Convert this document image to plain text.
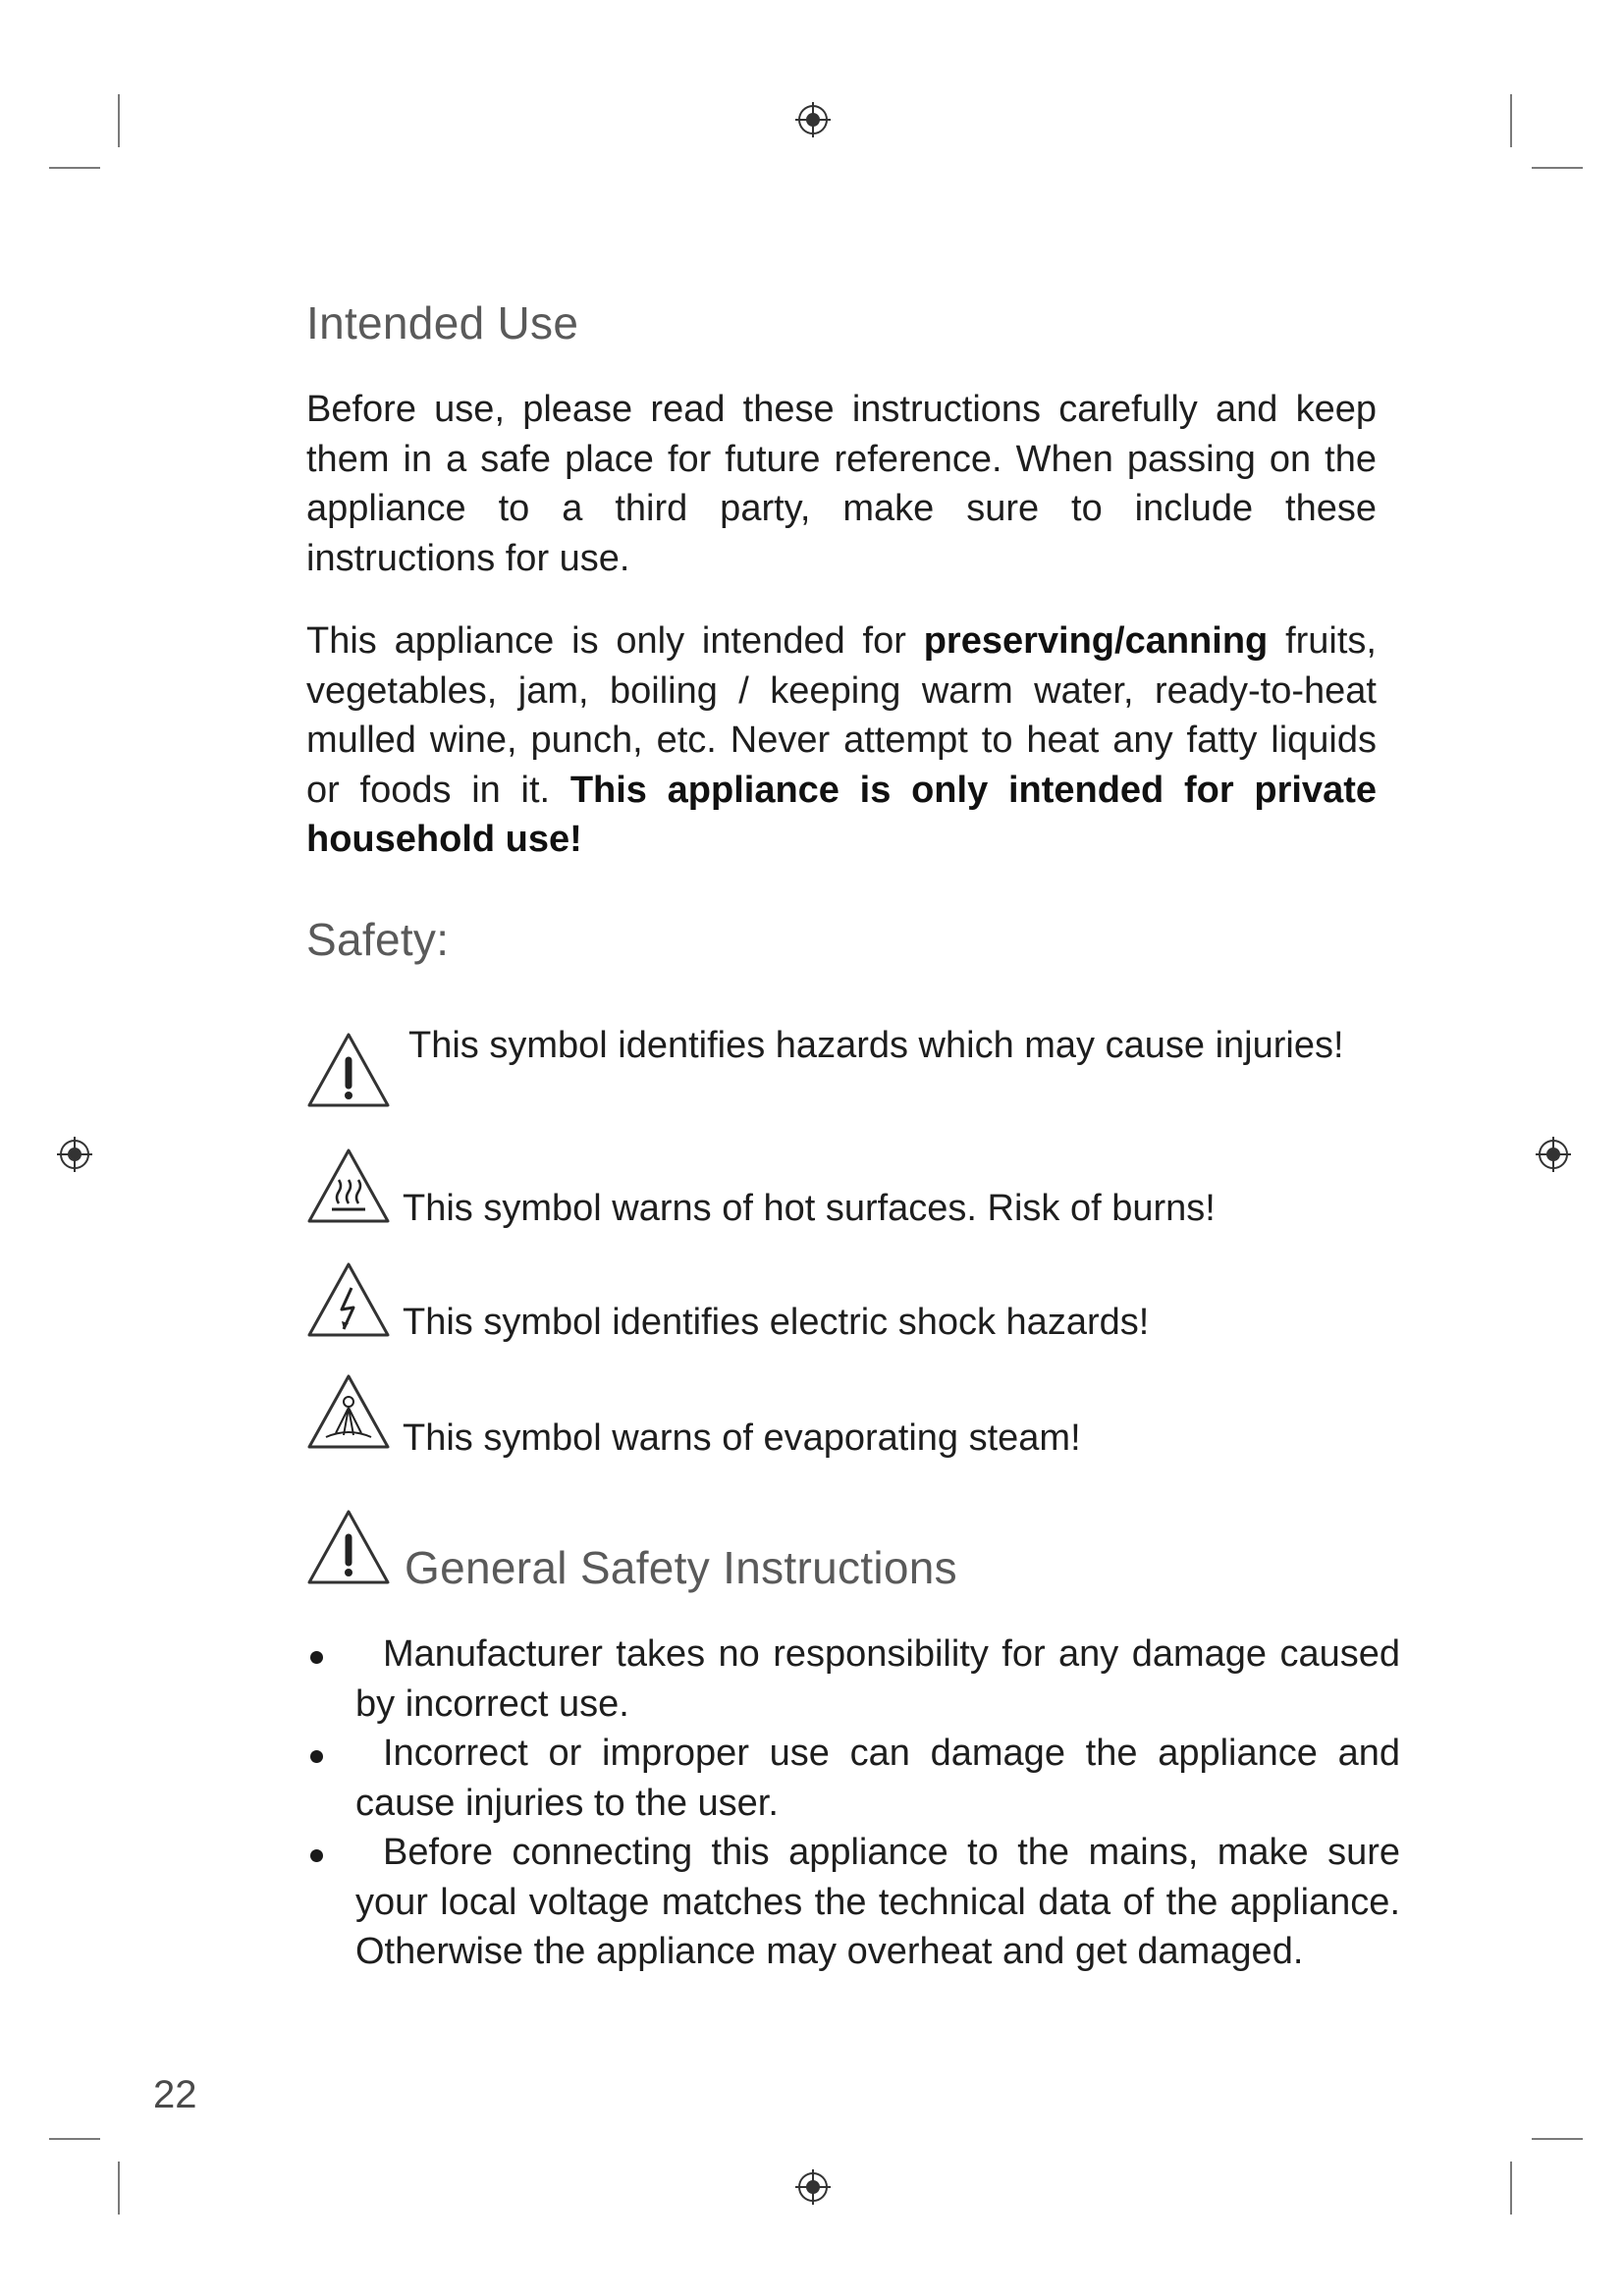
Intended Use

Before use, please read these instructions carefully and keep them in a safe place for future reference. When passing on the appliance to a third party, make sure to include these instructions for use.

This appliance is only intended for preserving/canning fruits, vegetables, jam, boiling / keeping warm water, ready-to-heat mulled wine, punch, etc. Never attempt to heat any fatty liquids or foods in it. This appliance is only intended for private household use!

Safety:
This symbol identifies hazards which may cause injuries!
This symbol warns of hot surfaces. Risk of burns!
This symbol identifies electric shock hazards!
This symbol warns of evaporating steam!
General Safety Instructions
Manufacturer takes no responsibility for any damage caused by incorrect use.
Incorrect or improper use can damage the appliance and cause injuries to the user.
Before connecting this appliance to the mains, make sure your local voltage matches the technical data of the appliance. Otherwise the appliance may overheat and get damaged.
22
